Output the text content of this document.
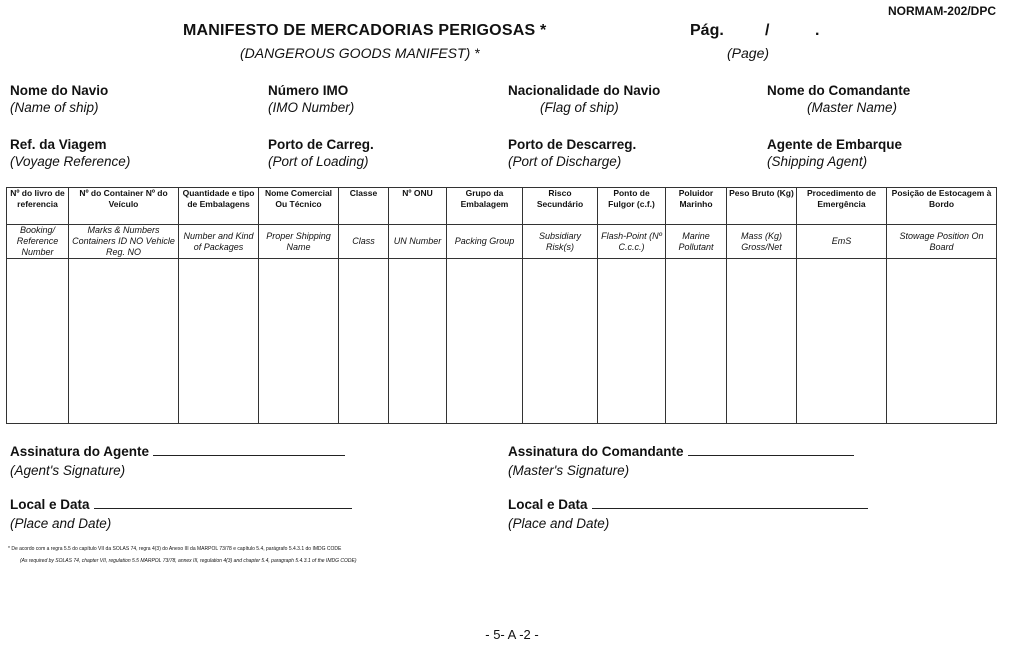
NORMAM-202/DPC
MANIFESTO DE MERCADORIAS PERIGOSAS *
(DANGEROUS GOODS MANIFEST) *
Pág.	/	.
(Page)
Nome do Navio
(Name of ship)
Número IMO
(IMO Number)
Nacionalidade do Navio
(Flag of ship)
Nome do Comandante
(Master Name)
Ref. da Viagem
(Voyage Reference)
Porto de Carreg.
(Port of Loading)
Porto de Descarreg.
(Port of Discharge)
Agente de Embarque
(Shipping Agent)
Nº do livro de referencia	Nº do Container Nº do Veículo	Quantidade e tipo de Embalagens	Nome Comercial Ou Técnico	Classe	Nº ONU	Grupo da Embalagem	Risco Secundário	Ponto de Fulgor (c.f.)	Poluidor Marinho	Peso Bruto (Kg)	Procedimento de Emergência	Posição de Estocagem à Bordo
Booking/ Reference Number	Marks & Numbers Containers ID NO Vehicle Reg. NO	Number and Kind of Packages	Proper Shipping Name	Class	UN Number	Packing Group	Subsidiary Risk(s)	Flash-Point (Nº C.c.c.)	Marine Pollutant	Mass (Kg) Gross/Net	EmS	Stowage Position On Board

Assinatura do Agente
(Agent's Signature)
Assinatura do Comandante
(Master's Signature)
Local e Data
(Place and Date)
Local e Data
(Place and Date)
* De acordo com a regra 5.5 do capítulo VII da SOLAS 74, regra 4(3) do Anexo III da MARPOL 73/78 e capítulo 5.4, parágrafo 5.4.3.1 do IMDG CODE
(As required by SOLAS 74, chapter VII, regulation 5.5 MARPOL 73/78, annex III, regulation 4(3) and chapter 5.4, paragraph 5.4.3.1 of the IMDG CODE)
- 5- A -2 -
